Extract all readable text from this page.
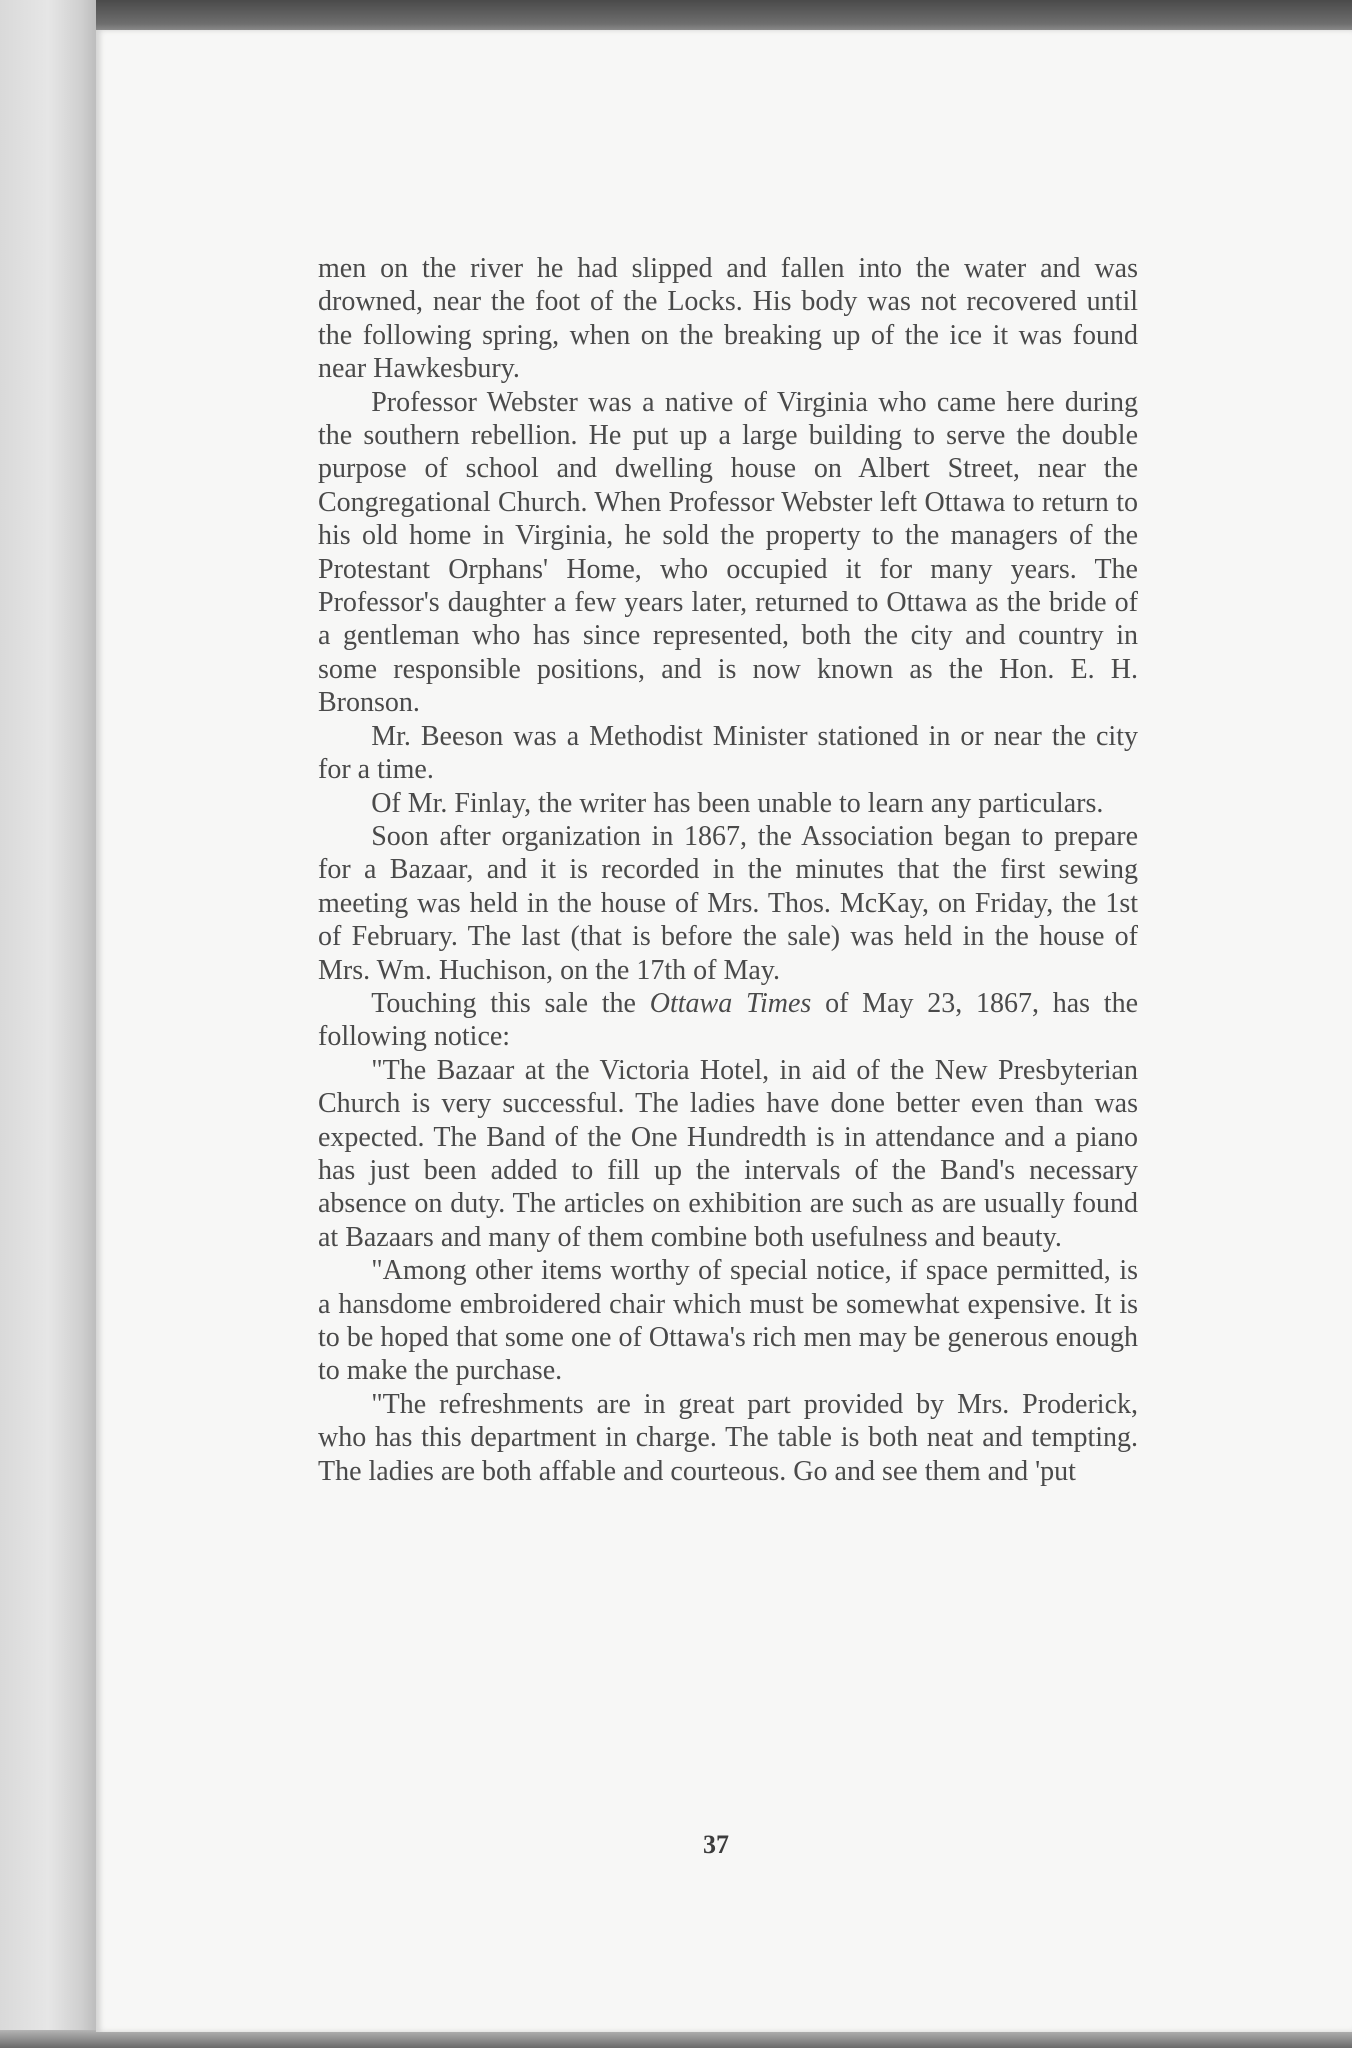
men on the river he had slipped and fallen into the water and was drowned, near the foot of the Locks. His body was not recovered until the following spring, when on the breaking up of the ice it was found near Hawkesbury.

Professor Webster was a native of Virginia who came here during the southern rebellion. He put up a large building to serve the double purpose of school and dwelling house on Albert Street, near the Congregational Church. When Professor Webster left Ottawa to return to his old home in Virginia, he sold the property to the managers of the Protestant Orphans' Home, who occupied it for many years. The Professor's daughter a few years later, returned to Ottawa as the bride of a gentleman who has since represented, both the city and country in some responsible positions, and is now known as the Hon. E. H. Bronson.

Mr. Beeson was a Methodist Minister stationed in or near the city for a time.

Of Mr. Finlay, the writer has been unable to learn any particulars.

Soon after organization in 1867, the Association began to prepare for a Bazaar, and it is recorded in the minutes that the first sewing meeting was held in the house of Mrs. Thos. McKay, on Friday, the 1st of February. The last (that is before the sale) was held in the house of Mrs. Wm. Huchison, on the 17th of May.

Touching this sale the Ottawa Times of May 23, 1867, has the following notice:

"The Bazaar at the Victoria Hotel, in aid of the New Presbyterian Church is very successful. The ladies have done better even than was expected. The Band of the One Hundredth is in attendance and a piano has just been added to fill up the intervals of the Band's necessary absence on duty. The articles on exhibition are such as are usually found at Bazaars and many of them combine both usefulness and beauty.

"Among other items worthy of special notice, if space permitted, is a hansdome embroidered chair which must be somewhat expensive. It is to be hoped that some one of Ottawa's rich men may be generous enough to make the purchase.

"The refreshments are in great part provided by Mrs. Proderick, who has this department in charge. The table is both neat and tempting. The ladies are both affable and courteous. Go and see them and 'put

37
